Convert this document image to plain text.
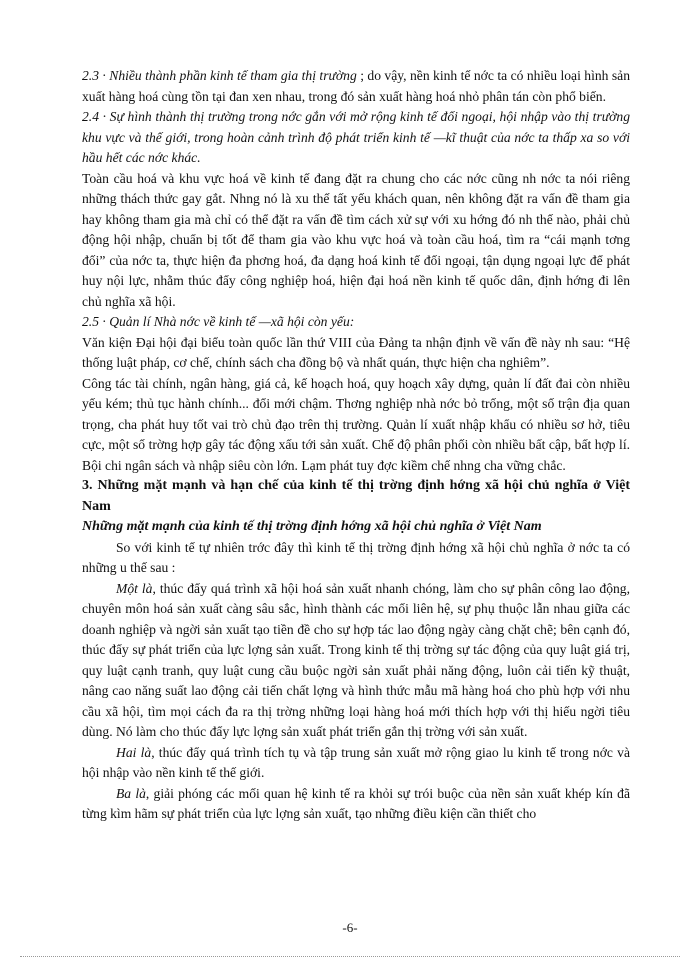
2.3 · Nhiều thành phần kinh tế tham gia thị trường ; do vậy, nền kinh tế nớc ta có nhiều loại hình sản xuất hàng hoá cùng tồn tại đan xen nhau, trong đó sản xuất hàng hoá nhỏ phân tán còn phổ biến.

2.4 · Sự hình thành thị trường trong nớc gắn với mở rộng kinh tế đối ngoại, hội nhập vào thị trường khu vực và thế giới, trong hoàn cảnh trình độ phát triển kinh tế —kĩ thuật của nớc ta thấp xa so với hầu hết các nớc khác.

Toàn cầu hoá và khu vực hoá về kinh tế đang đặt ra chung cho các nớc cũng nh nớc ta nói riêng những thách thức gay gắt. Nhng nó là xu thế tất yếu khách quan, nên không đặt ra vấn đề tham gia hay không tham gia mà chỉ có thể đặt ra vấn đề tìm cách xử sự với xu hớng đó nh thế nào, phải chủ động hội nhập, chuẩn bị tốt để tham gia vào khu vực hoá và toàn cầu hoá, tìm ra “cái mạnh tơng đối” của nớc ta, thực hiện đa phơng hoá, đa dạng hoá kinh tế đối ngoại, tận dụng ngoại lực để phát huy nội lực, nhằm thúc đẩy công nghiệp hoá, hiện đại hoá nền kinh tế quốc dân, định hớng đi lên chủ nghĩa xã hội.

2.5 · Quản lí Nhà nớc về kinh tế —xã hội còn yếu:

Văn kiện Đại hội đại biểu toàn quốc lần thứ VIII của Đảng ta nhận định về vấn đề này nh sau: “Hệ thống luật pháp, cơ chế, chính sách cha đồng bộ và nhất quán, thực hiện cha nghiêm”.

Công tác tài chính, ngân hàng, giá cả, kế hoạch hoá, quy hoạch xây dựng, quản lí đất đai còn nhiều yếu kém; thủ tục hành chính... đổi mới chậm. Thơng nghiệp nhà nớc bỏ trống, một số trận địa quan trọng, cha phát huy tốt vai trò chủ đạo trên thị trường. Quản lí xuất nhập khẩu có nhiều sơ hở, tiêu cực, một số trờng hợp gây tác động xấu tới sản xuất. Chế độ phân phối còn nhiều bất cập, bất hợp lí. Bội chi ngân sách và nhập siêu còn lớn. Lạm phát tuy đợc kiềm chế nhng cha vững chắc.

3. Những mặt mạnh và hạn chế của kinh tế thị trờng định hớng xã hội chủ nghĩa ở Việt Nam

Những mặt mạnh của kinh tế thị trờng định hớng xã hội chủ nghĩa ở Việt Nam

So với kinh tế tự nhiên trớc đây thì kinh tế thị trờng định hớng xã hội chủ nghĩa ở nớc ta có những u thế sau :

Một là, thúc đẩy quá trình xã hội hoá sản xuất nhanh chóng, làm cho sự phân công lao động, chuyên môn hoá sản xuất càng sâu sắc, hình thành các mối liên hệ, sự phụ thuộc lẫn nhau giữa các doanh nghiệp và ngời sản xuất tạo tiền đề cho sự hợp tác lao động ngày càng chặt chẽ; bên cạnh đó, thúc đẩy sự phát triển của lực lợng sản xuất. Trong kinh tế thị trờng sự tác động của quy luật giá trị, quy luật cạnh tranh, quy luật cung cầu buộc ngời sản xuất phải năng động, luôn cải tiến kỹ thuật, nâng cao năng suất lao động cải tiến chất lợng và hình thức mẫu mã hàng hoá cho phù hợp với nhu cầu xã hội, tìm mọi cách đa ra thị trờng những loại hàng hoá mới thích hợp với thị hiếu ngời tiêu dùng. Nó làm cho thúc đẩy lực lợng sản xuất phát triển gắn thị trờng với sản xuất.

Hai là, thúc đẩy quá trình tích tụ và tập trung sản xuất mở rộng giao lu kinh tế trong nớc và hội nhập vào nền kinh tế thế giới.

Ba là, giải phóng các mối quan hệ kinh tế ra khỏi sự trói buộc của nền sản xuất khép kín đã từng kìm hãm sự phát triển của lực lợng sản xuất, tạo những điều kiện cần thiết cho

-6-
